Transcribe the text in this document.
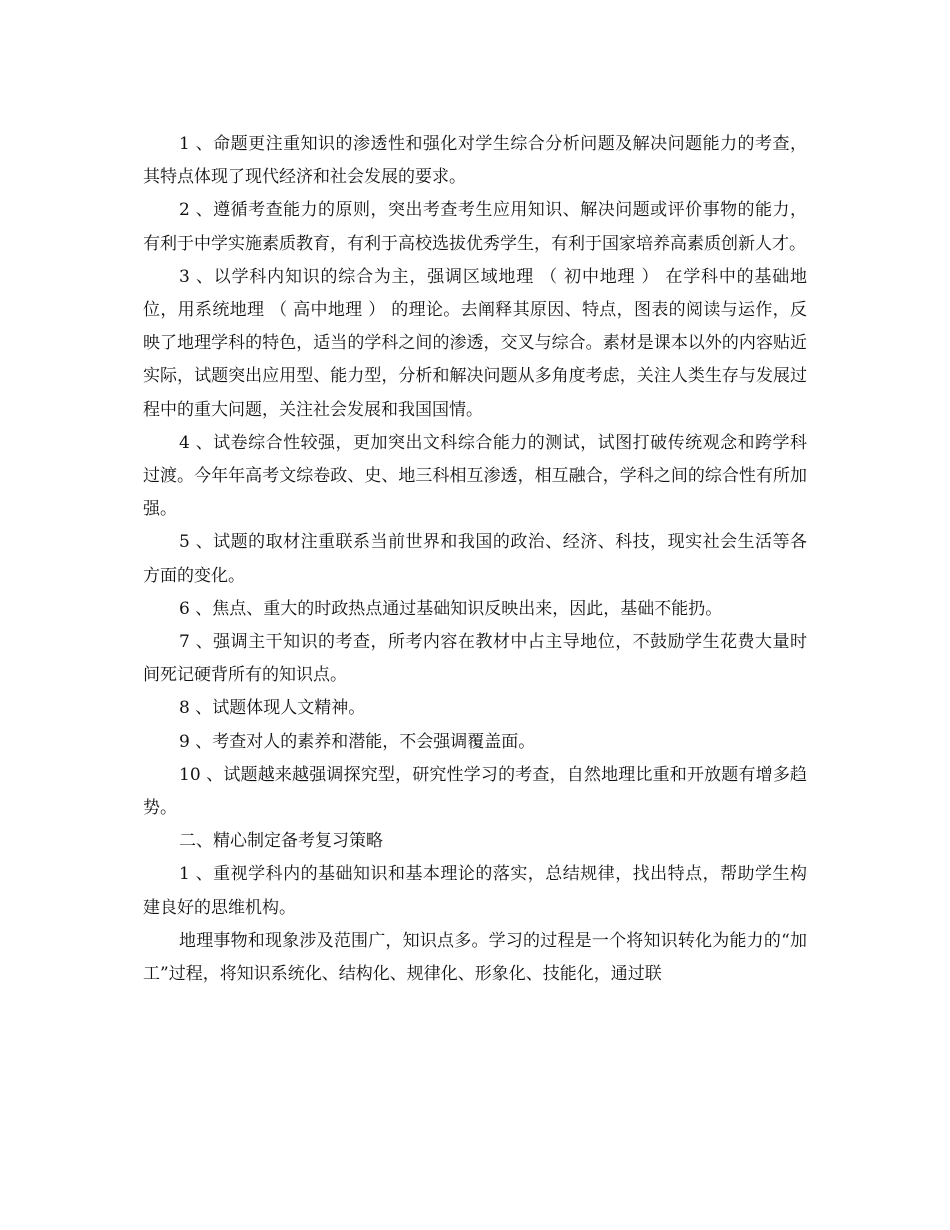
1 、命题更注重知识的渗透性和强化对学生综合分析问题及解决问题能力的考查，其特点体现了现代经济和社会发展的要求。

2 、遵循考查能力的原则，突出考查考生应用知识、解决问题或评价事物的能力，有利于中学实施素质教育，有利于高校选拔优秀学生，有利于国家培养高素质创新人才。

3 、以学科内知识的综合为主，强调区域地理 （ 初中地理 ） 在学科中的基础地位，用系统地理 （ 高中地理 ） 的理论。去阐释其原因、特点，图表的阅读与运作，反映了地理学科的特色，适当的学科之间的渗透，交叉与综合。素材是课本以外的内容贴近实际，试题突出应用型、能力型，分析和解决问题从多角度考虑，关注人类生存与发展过程中的重大问题，关注社会发展和我国国情。

4 、试卷综合性较强，更加突出文科综合能力的测试，试图打破传统观念和跨学科过渡。今年年高考文综卷政、史、地三科相互渗透，相互融合，学科之间的综合性有所加强。

5 、试题的取材注重联系当前世界和我国的政治、经济、科技，现实社会生活等各方面的变化。

6 、焦点、重大的时政热点通过基础知识反映出来，因此，基础不能扔。

7 、强调主干知识的考查，所考内容在教材中占主导地位，不鼓励学生花费大量时间死记硬背所有的知识点。

8 、试题体现人文精神。

9 、考查对人的素养和潜能，不会强调覆盖面。

10 、试题越来越强调探究型，研究性学习的考查，自然地理比重和开放题有增多趋势。

二、精心制定备考复习策略

1 、重视学科内的基础知识和基本理论的落实，总结规律，找出特点，帮助学生构建良好的思维机构。

地理事物和现象涉及范围广，知识点多。学习的过程是一个将知识转化为能力的“加工”过程，将知识系统化、结构化、规律化、形象化、技能化，通过联
